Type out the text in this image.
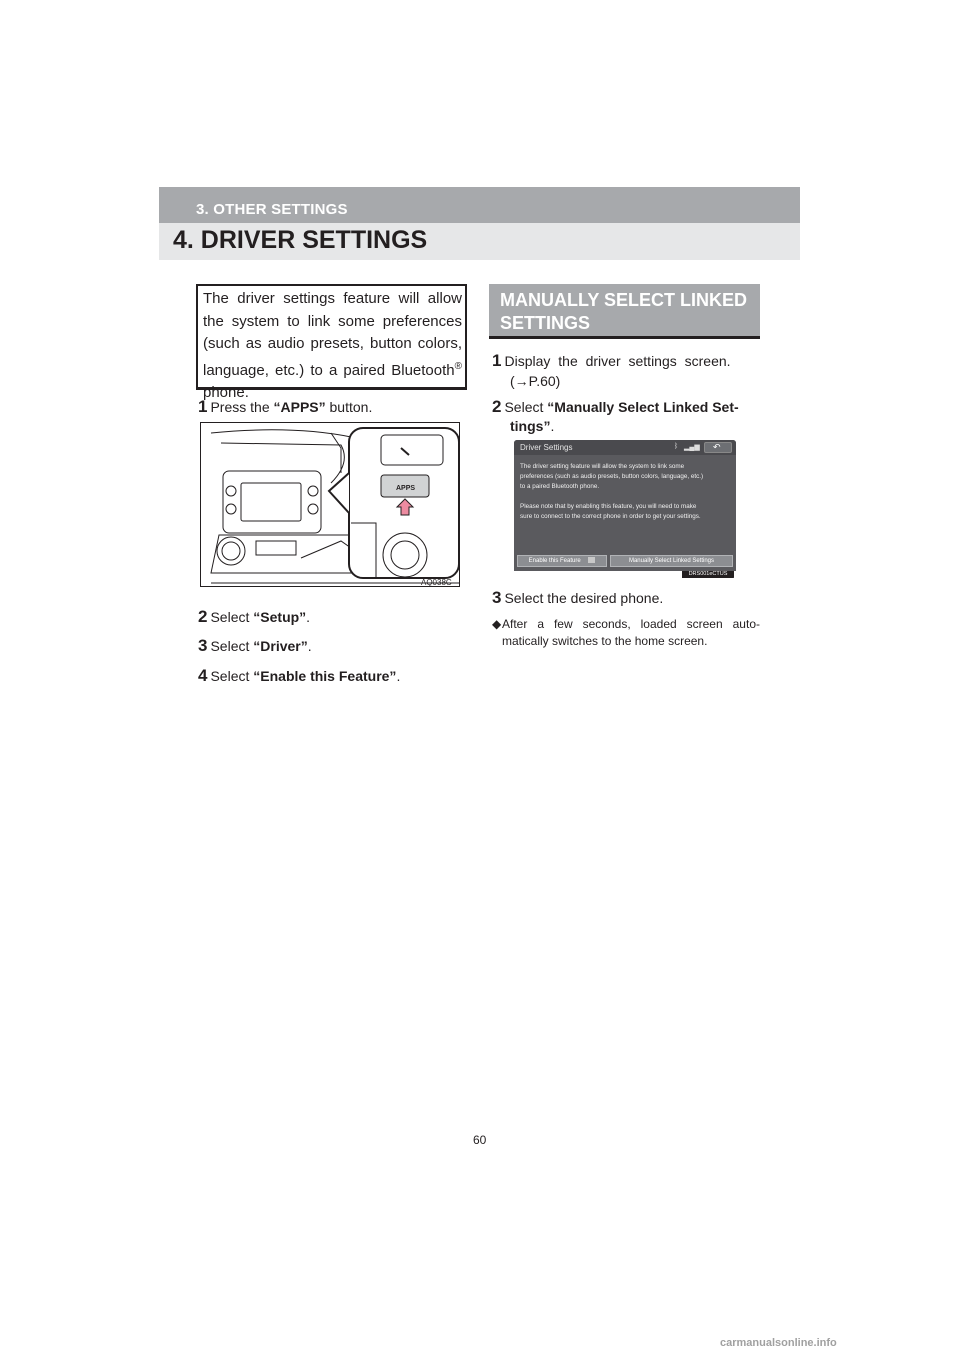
3. OTHER SETTINGS
4. DRIVER SETTINGS

The driver settings feature will allow the system to link some preferences (such as audio presets, button colors, language, etc.) to a paired Bluetooth® phone.

1 Press the “APPS” button.
APPS
AQ038C
2 Select “Setup”.
3 Select “Driver”.
4 Select “Enable this Feature”.
MANUALLY SELECT LINKED SETTINGS
1 Display the driver settings screen.
(→P.60)
2 Select “Manually Select Linked Set-
tings”.
Driver Settings	ᛒ ▂▄▆ ↶
The driver setting feature will allow the system to link some
preferences (such as audio presets, button colors, language, etc.)
to a paired Bluetooth phone.
Please note that by enabling this feature, you will need to make
sure to connect to the correct phone in order to get your settings.
Enable this Feature	Manually Select Linked Settings
DRS001eCTUS
3 Select the desired phone.
◆ After a few seconds, loaded screen auto-matically switches to the home screen.
60
carmanualsonline.info
